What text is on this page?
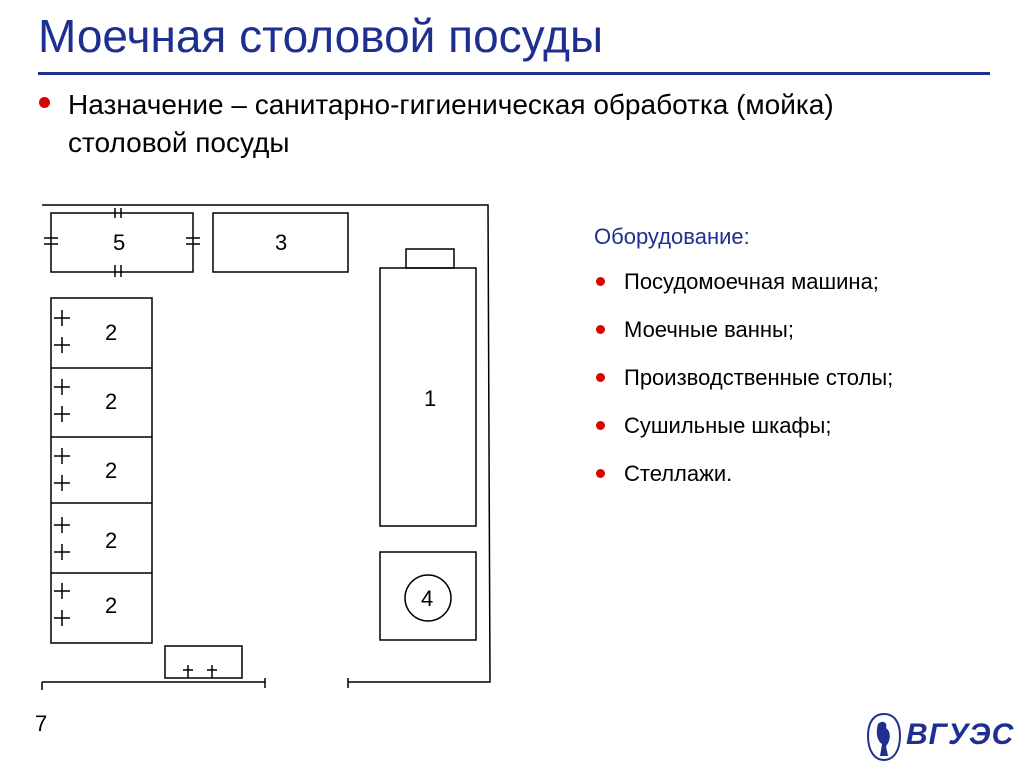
Моечная столовой посуды
Назначение – санитарно-гигиеническая обработка (мойка) столовой посуды
5	3
1
4
2
2
2
2
2
Оборудование:
Посудомоечная машина;
Моечные ванны;
Производственные столы;
Сушильные шкафы;
Стеллажи.
7	ВГУЭС
